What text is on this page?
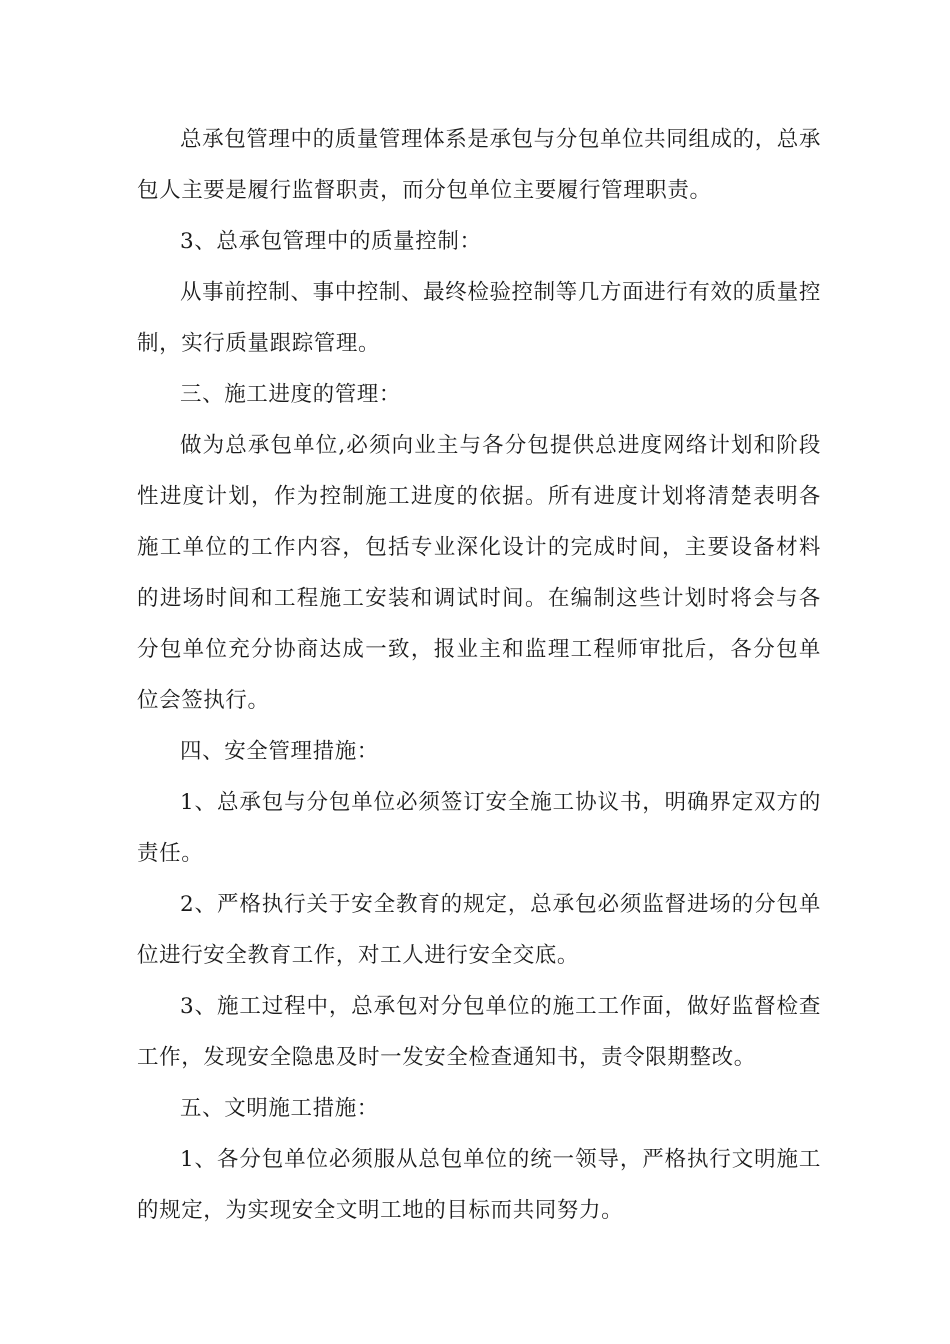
总承包管理中的质量管理体系是承包与分包单位共同组成的，总承包人主要是履行监督职责，而分包单位主要履行管理职责。

3、总承包管理中的质量控制：

从事前控制、事中控制、最终检验控制等几方面进行有效的质量控制，实行质量跟踪管理。

三、施工进度的管理：

做为总承包单位,必须向业主与各分包提供总进度网络计划和阶段性进度计划，作为控制施工进度的依据。所有进度计划将清楚表明各施工单位的工作内容，包括专业深化设计的完成时间，主要设备材料的进场时间和工程施工安装和调试时间。在编制这些计划时将会与各分包单位充分协商达成一致，报业主和监理工程师审批后，各分包单位会签执行。

四、安全管理措施：

1、总承包与分包单位必须签订安全施工协议书，明确界定双方的责任。

2、严格执行关于安全教育的规定，总承包必须监督进场的分包单位进行安全教育工作，对工人进行安全交底。

3、施工过程中，总承包对分包单位的施工工作面，做好监督检查工作，发现安全隐患及时一发安全检查通知书，责令限期整改。

五、文明施工措施：

1、各分包单位必须服从总包单位的统一领导，严格执行文明施工的规定，为实现安全文明工地的目标而共同努力。
